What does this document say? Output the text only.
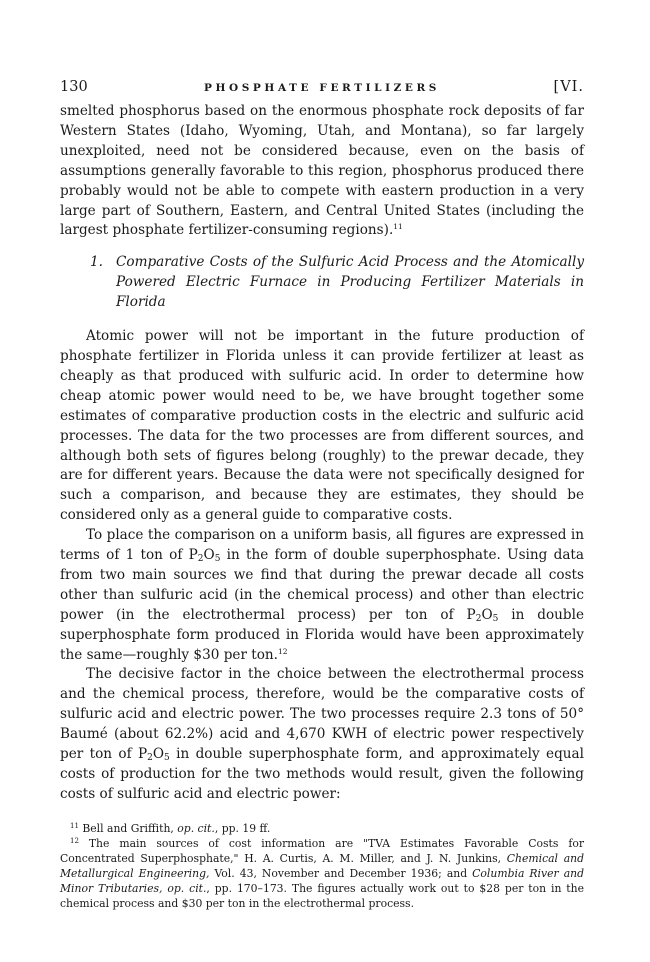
130	PHOSPHATE FERTILIZERS	[VI.

smelted phosphorus based on the enormous phosphate rock deposits of far Western States (Idaho, Wyoming, Utah, and Montana), so far largely unexploited, need not be considered because, even on the basis of assumptions generally favorable to this region, phosphorus produced there probably would not be able to compete with eastern production in a very large part of Southern, Eastern, and Central United States (including the largest phosphate fertilizer-consuming regions).$^{11}$

1. Comparative Costs of the Sulfuric Acid Process and the Atomically Powered Electric Furnace in Producing Fertilizer Materials in Florida

Atomic power will not be important in the future production of phosphate fertilizer in Florida unless it can provide fertilizer at least as cheaply as that produced with sulfuric acid. In order to determine how cheap atomic power would need to be, we have brought together some estimates of comparative production costs in the electric and sulfuric acid processes. The data for the two processes are from different sources, and although both sets of figures belong (roughly) to the prewar decade, they are for different years. Because the data were not specifically designed for such a comparison, and because they are estimates, they should be considered only as a general guide to comparative costs.

To place the comparison on a uniform basis, all figures are expressed in terms of 1 ton of $P_2O_5$ in the form of double superphosphate. Using data from two main sources we find that during the prewar decade all costs other than sulfuric acid (in the chemical process) and other than electric power (in the electrothermal process) per ton of $P_2O_5$ in double superphosphate form produced in Florida would have been approximately the same—roughly $30 per ton.$^{12}$

The decisive factor in the choice between the electrothermal process and the chemical process, therefore, would be the comparative costs of sulfuric acid and electric power. The two processes require 2.3 tons of 50° Baumé (about 62.2%) acid and 4,670 KWH of electric power respectively per ton of $P_2O_5$ in double superphosphate form, and approximately equal costs of production for the two methods would result, given the following costs of sulfuric acid and electric power:

$^{11}$ Bell and Griffith, op. cit., pp. 19 ff.

$^{12}$ The main sources of cost information are "TVA Estimates Favorable Costs for Concentrated Superphosphate," H. A. Curtis, A. M. Miller, and J. N. Junkins, Chemical and Metallurgical Engineering, Vol. 43, November and December 1936; and Columbia River and Minor Tributaries, op. cit., pp. 170–173. The figures actually work out to $28 per ton in the chemical process and $30 per ton in the electrothermal process.
